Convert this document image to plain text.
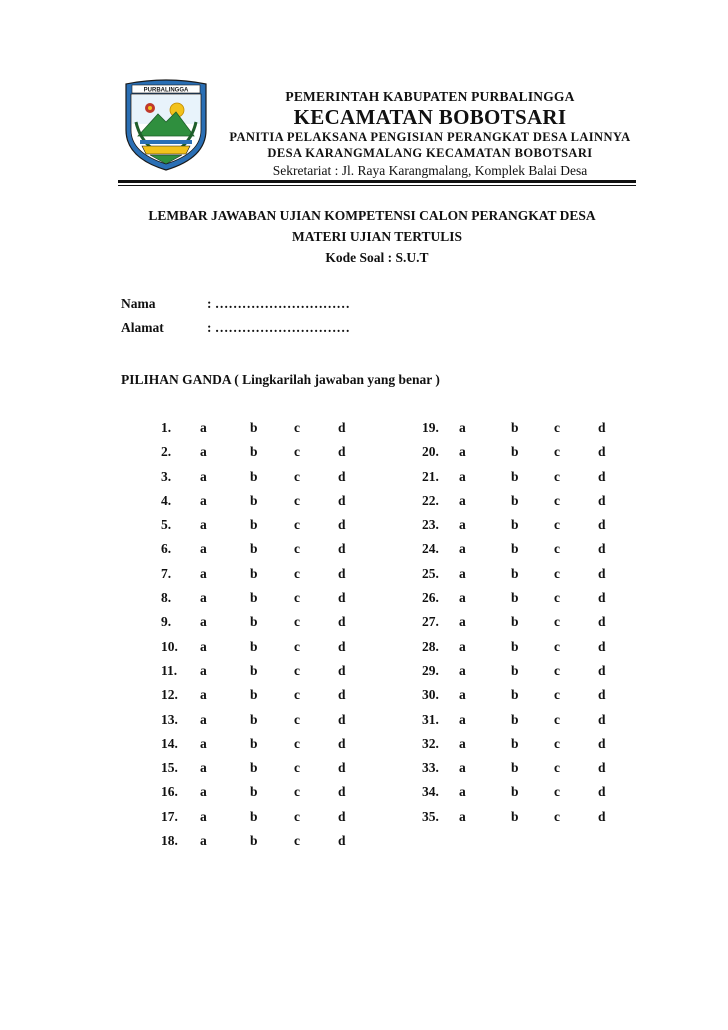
PURBALINGGA	PEMERINTAH KABUPATEN PURBALINGGA
KECAMATAN BOBOTSARI
PANITIA PELAKSANA PENGISIAN PERANGKAT DESA LAINNYA
DESA KARANGMALANG KECAMATAN BOBOTSARI
Sekretariat : Jl. Raya Karangmalang, Komplek Balai Desa
LEMBAR JAWABAN UJIAN KOMPETENSI CALON PERANGKAT DESA
MATERI UJIAN TERTULIS
Kode Soal : S.U.T
Nama	: …………………………
Alamat	: …………………………
PILIHAN GANDA ( Lingkarilah jawaban yang benar )
1. a	b	c	d
2. a	b	c	d
3. a	b	c	d
4. a	b	c	d
5. a	b	c	d
6. a	b	c	d
7. a	b	c	d
8. a	b	c	d
9. a	b	c	d
10. a	b	c	d
11. a	b	c	d
12. a	b	c	d
13. a	b	c	d
14. a	b	c	d
15. a	b	c	d
16. a	b	c	d
17. a	b	c	d
18. a	b	c	d
19. a	b	c	d
20. a	b	c	d
21. a	b	c	d
22. a	b	c	d
23. a	b	c	d
24. a	b	c	d
25. a	b	c	d
26. a	b	c	d
27. a	b	c	d
28. a	b	c	d
29. a	b	c	d
30. a	b	c	d
31. a	b	c	d
32. a	b	c	d
33. a	b	c	d
34. a	b	c	d
35. a	b	c	d
